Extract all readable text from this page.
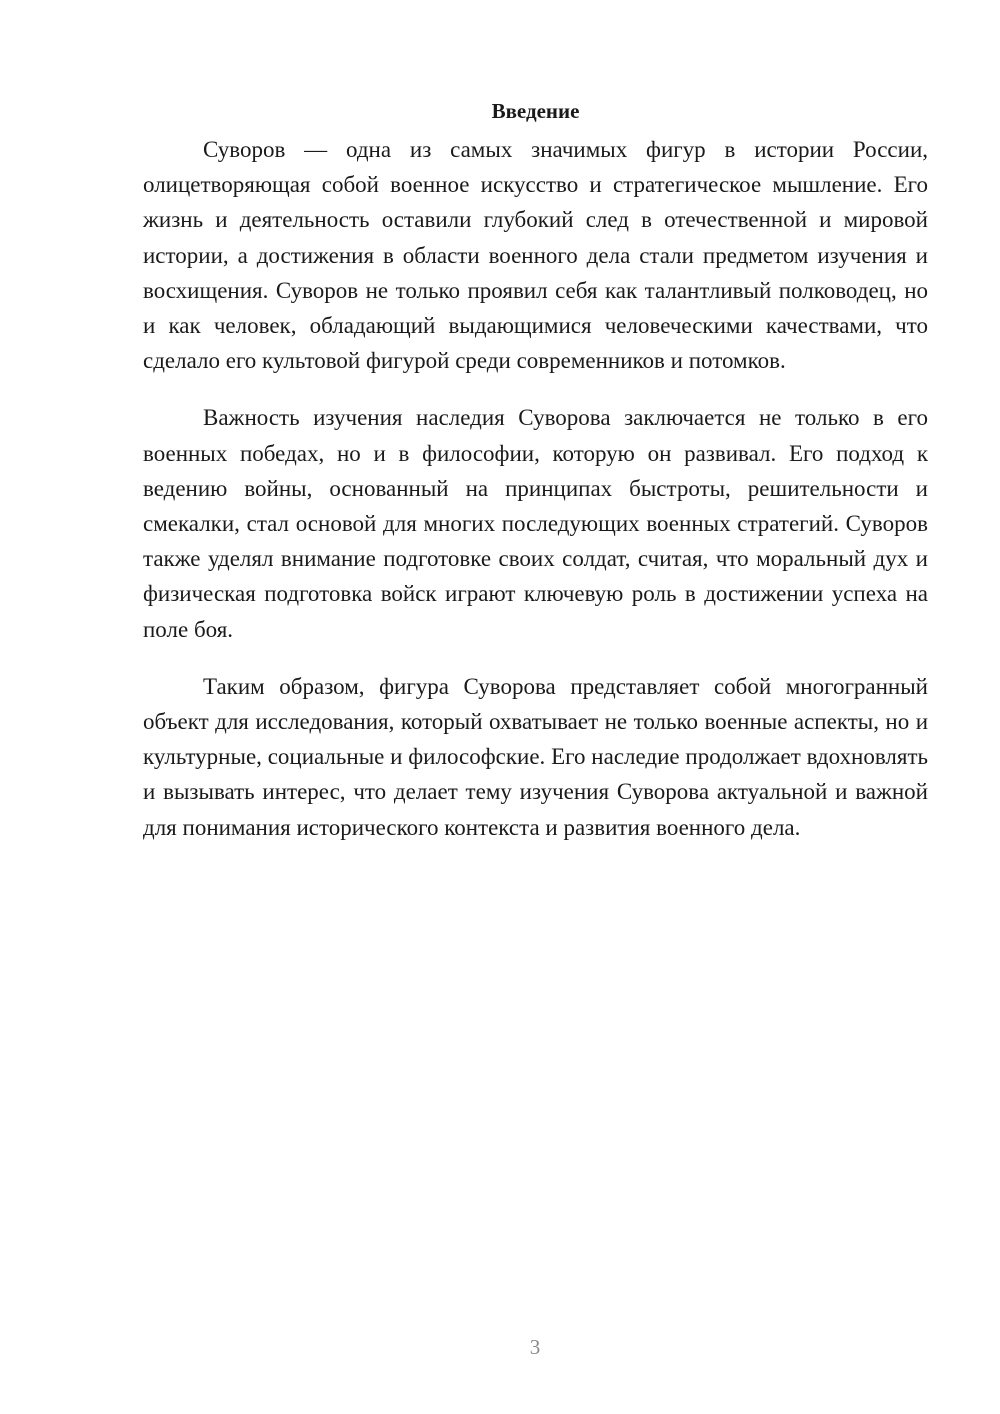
Введение

Суворов — одна из самых значимых фигур в истории России, олицетворяющая собой военное искусство и стратегическое мышление. Его жизнь и деятельность оставили глубокий след в отечественной и мировой истории, а достижения в области военного дела стали предметом изучения и восхищения. Суворов не только проявил себя как талантливый полководец, но и как человек, обладающий выдающимися человеческими качествами, что сделало его культовой фигурой среди современников и потомков.

Важность изучения наследия Суворова заключается не только в его военных победах, но и в философии, которую он развивал. Его подход к ведению войны, основанный на принципах быстроты, решительности и смекалки, стал основой для многих последующих военных стратегий. Суворов также уделял внимание подготовке своих солдат, считая, что моральный дух и физическая подготовка войск играют ключевую роль в достижении успеха на поле боя.

Таким образом, фигура Суворова представляет собой многогранный объект для исследования, который охватывает не только военные аспекты, но и культурные, социальные и философские. Его наследие продолжает вдохновлять и вызывать интерес, что делает тему изучения Суворова актуальной и важной для понимания исторического контекста и развития военного дела.

3
